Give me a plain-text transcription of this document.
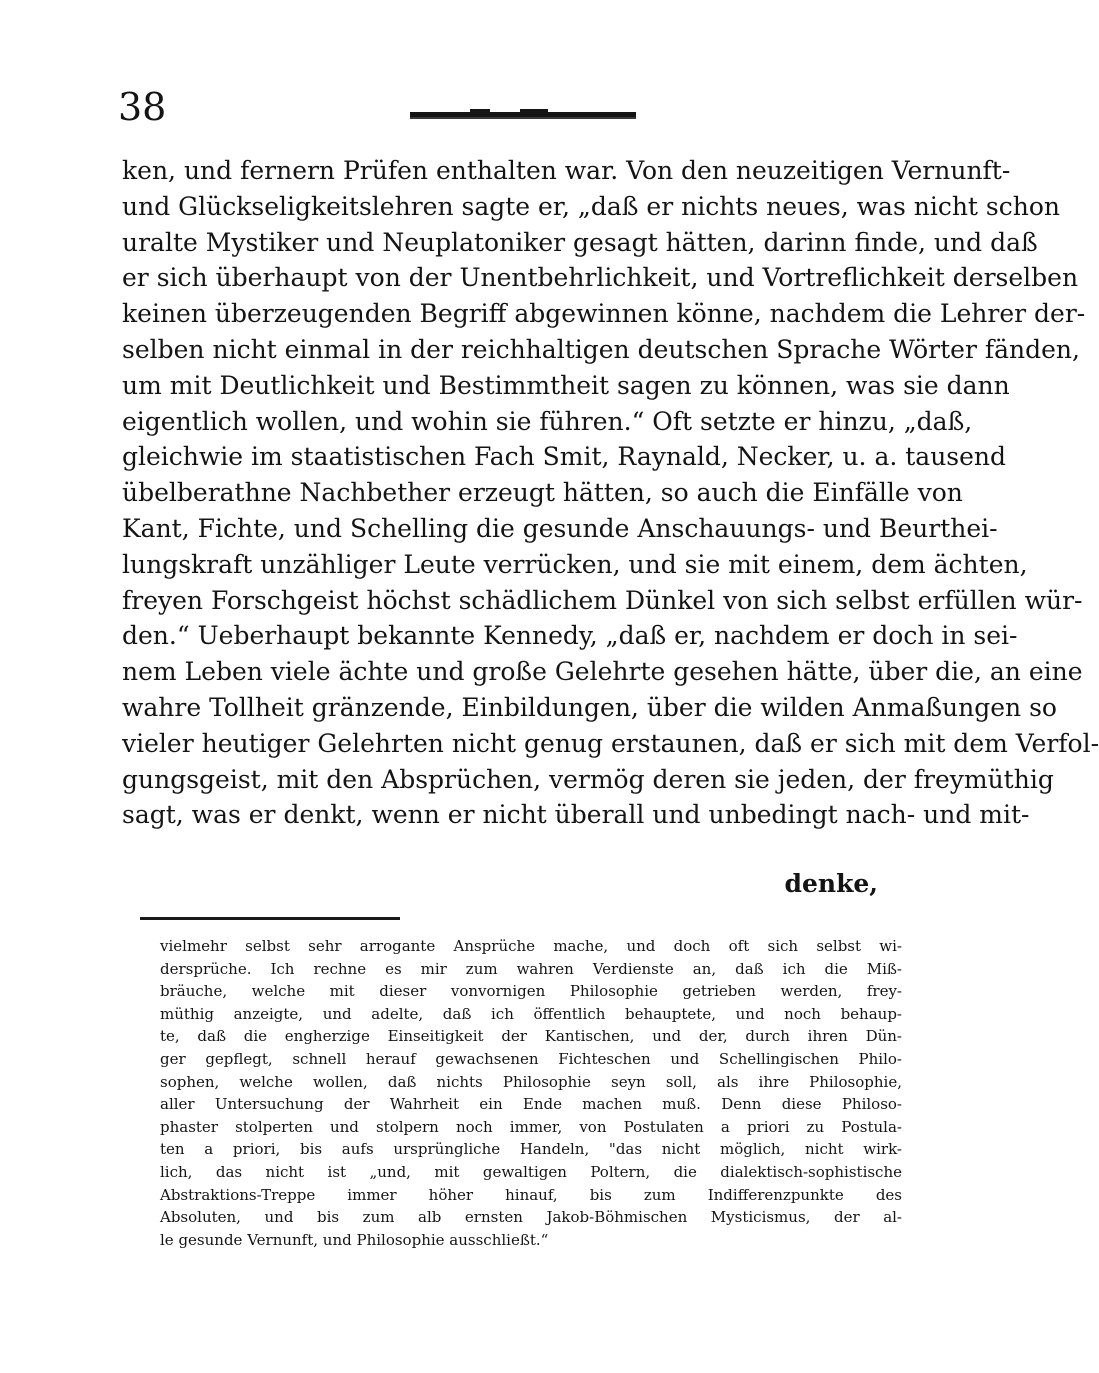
38
ken, und fernern Prüfen enthalten war. Von den neuzeitigen Vernunft-
und Glückseligkeitslehren sagte er, „daß er nichts neues, was nicht schon
uralte Mystiker und Neuplatoniker gesagt hätten, darinn finde, und daß
er sich überhaupt von der Unentbehrlichkeit, und Vortreflichkeit derselben
keinen überzeugenden Begriff abgewinnen könne, nachdem die Lehrer der-
selben nicht einmal in der reichhaltigen deutschen Sprache Wörter fänden,
um mit Deutlichkeit und Bestimmtheit sagen zu können, was sie dann
eigentlich wollen, und wohin sie führen.“ Oft setzte er hinzu, „daß,
gleichwie im staatistischen Fach Smit, Raynald, Necker, u. a. tausend
übelberathne Nachbether erzeugt hätten, so auch die Einfälle von
Kant, Fichte, und Schelling die gesunde Anschauungs- und Beurthei-
lungskraft unzähliger Leute verrücken, und sie mit einem, dem ächten,
freyen Forschgeist höchst schädlichem Dünkel von sich selbst erfüllen wür-
den.“ Ueberhaupt bekannte Kennedy, „daß er, nachdem er doch in sei-
nem Leben viele ächte und große Gelehrte gesehen hätte, über die, an eine
wahre Tollheit gränzende, Einbildungen, über die wilden Anmaßungen so
vieler heutiger Gelehrten nicht genug erstaunen, daß er sich mit dem Verfol-
gungsgeist, mit den Absprüchen, vermög deren sie jeden, der freymüthig
sagt, was er denkt, wenn er nicht überall und unbedingt nach- und mit-
denke,
vielmehr selbst sehr arrogante Ansprüche mache, und doch oft sich selbst wi-
dersprüche. Ich rechne es mir zum wahren Verdienste an, daß ich die Miß-
bräuche, welche mit dieser vonvornigen Philosophie getrieben werden, frey-
müthig anzeigte, und adelte, daß ich öffentlich behauptete, und noch behaup-
te, daß die engherzige Einseitigkeit der Kantischen, und der, durch ihren Dün-
ger gepflegt, schnell herauf gewachsenen Fichteschen und Schellingischen Philo-
sophen, welche wollen, daß nichts Philosophie seyn soll, als ihre Philosophie,
aller Untersuchung der Wahrheit ein Ende machen muß. Denn diese Philoso-
phaster stolperten und stolpern noch immer, von Postulaten a priori zu Postula-
ten a priori, bis aufs ursprüngliche Handeln, "das nicht möglich, nicht wirk-
lich, das nicht ist „und, mit gewaltigen Poltern, die dialektisch-sophistische
Abstraktions-Treppe immer höher hinauf, bis zum Indifferenzpunkte des
Absoluten, und bis zum alb ernsten Jakob-Böhmischen Mysticismus, der al-
le gesunde Vernunft, und Philosophie ausschließt.“
